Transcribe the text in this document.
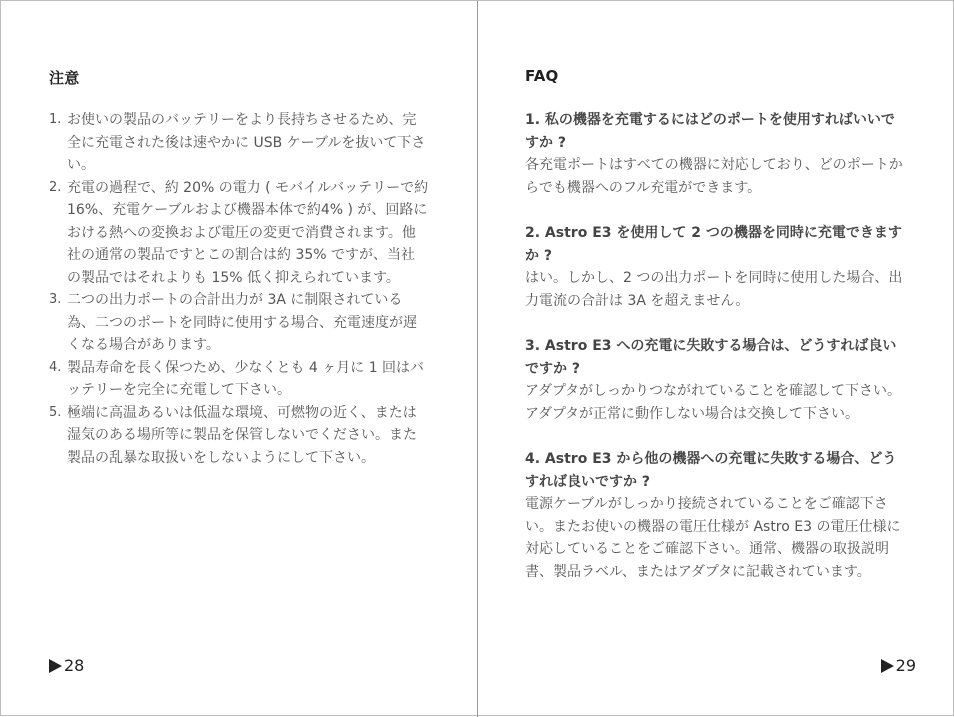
注意
1. お使いの製品のバッテリーをより長持ちさせるため、完全に充電された後は速やかに USB ケーブルを抜いて下さい。
2. 充電の過程で、約 20% の電力 ( モバイルバッテリーで約16%、充電ケーブルおよび機器本体で約4% ) が、回路における熱への変換および電圧の変更で消費されます。他社の通常の製品ですとこの割合は約 35% ですが、当社の製品ではそれよりも 15% 低く抑えられています。
3. 二つの出力ポートの合計出力が 3A に制限されている為、二つのポートを同時に使用する場合、充電速度が遅くなる場合があります。
4. 製品寿命を長く保つため、少なくとも 4 ヶ月に 1 回はバッテリーを完全に充電して下さい。
5. 極端に高温あるいは低温な環境、可燃物の近く、または湿気のある場所等に製品を保管しないでください。また製品の乱暴な取扱いをしないようにして下さい。
28
FAQ
1. 私の機器を充電するにはどのポートを使用すればいいですか ?
各充電ポートはすべての機器に対応しており、どのポートからでも機器へのフル充電ができます。
2. Astro E3 を使用して 2 つの機器を同時に充電できますか ?
はい。しかし、2 つの出力ポートを同時に使用した場合、出力電流の合計は 3A を超えません。
3. Astro E3 への充電に失敗する場合は、どうすれば良いですか ?
アダプタがしっかりつながれていることを確認して下さい。アダプタが正常に動作しない場合は交換して下さい。
4. Astro E3 から他の機器への充電に失敗する場合、どうすれば良いですか ?
電源ケーブルがしっかり接続されていることをご確認下さい。またお使いの機器の電圧仕様が Astro E3 の電圧仕様に対応していることをご確認下さい。通常、機器の取扱説明書、製品ラベル、またはアダプタに記載されています。
29
